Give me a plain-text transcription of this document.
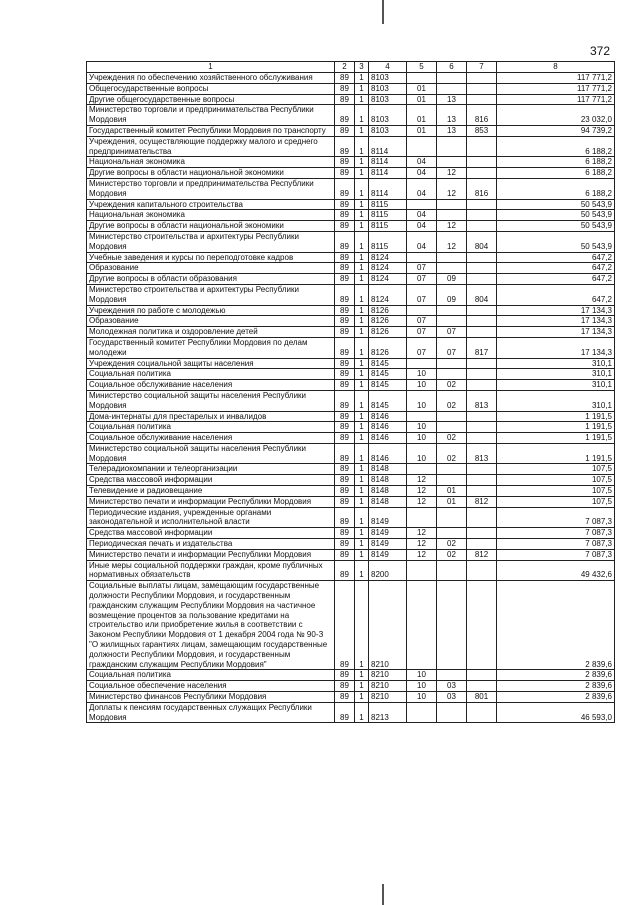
372
1	2	3	4	5	6	7	8
Учреждения по обеспечению хозяйственного обслуживания	89	1	8103				117 771,2
Общегосударственные вопросы	89	1	8103	01			117 771,2
Другие общегосударственные вопросы	89	1	8103	01	13		117 771,2
Министерство торговли и предпринимательства Республики Мордовия	89	1	8103	01	13	816	23 032,0
Государственный комитет Республики Мордовия по транспорту	89	1	8103	01	13	853	94 739,2
Учреждения, осуществляющие поддержку малого и среднего предпринимательства	89	1	8114				6 188,2
Национальная экономика	89	1	8114	04			6 188,2
Другие вопросы в области национальной экономики	89	1	8114	04	12		6 188,2
Министерство торговли и предпринимательства Республики Мордовия	89	1	8114	04	12	816	6 188,2
Учреждения капитального строительства	89	1	8115				50 543,9
Национальная экономика	89	1	8115	04			50 543,9
Другие вопросы в области национальной экономики	89	1	8115	04	12		50 543,9
Министерство строительства и архитектуры Республики Мордовия	89	1	8115	04	12	804	50 543,9
Учебные заведения и курсы по переподготовке кадров	89	1	8124				647,2
Образование	89	1	8124	07			647,2
Другие вопросы в области образования	89	1	8124	07	09		647,2
Министерство строительства и архитектуры Республики Мордовия	89	1	8124	07	09	804	647,2
Учреждения по работе с молодежью	89	1	8126				17 134,3
Образование	89	1	8126	07			17 134,3
Молодежная политика и оздоровление детей	89	1	8126	07	07		17 134,3
Государственный комитет Республики Мордовия по делам молодежи	89	1	8126	07	07	817	17 134,3
Учреждения социальной защиты населения	89	1	8145				310,1
Социальная политика	89	1	8145	10			310,1
Социальное обслуживание населения	89	1	8145	10	02		310,1
Министерство социальной защиты населения Республики Мордовия	89	1	8145	10	02	813	310,1
Дома-интернаты для престарелых и инвалидов	89	1	8146				1 191,5
Социальная политика	89	1	8146	10			1 191,5
Социальное обслуживание населения	89	1	8146	10	02		1 191,5
Министерство социальной защиты населения Республики Мордовия	89	1	8146	10	02	813	1 191,5
Телерадиокомпании и телеорганизации	89	1	8148				107,5
Средства массовой информации	89	1	8148	12			107,5
Телевидение и радиовещание	89	1	8148	12	01		107,5
Министерство печати и информации Республики Мордовия	89	1	8148	12	01	812	107,5
Периодические издания, учрежденные органами законодательной и исполнительной власти	89	1	8149				7 087,3
Средства массовой информации	89	1	8149	12			7 087,3
Периодическая печать и издательства	89	1	8149	12	02		7 087,3
Министерство печати и информации Республики Мордовия	89	1	8149	12	02	812	7 087,3
Иные меры социальной поддержки граждан, кроме публичных нормативных обязательств	89	1	8200				49 432,6
Социальные выплаты лицам, замещающим государственные должности Республики Мордовия, и государственным гражданским служащим Республики Мордовия на частичное возмещение процентов за пользование кредитами на строительство или приобретение жилья в соответствии с Законом Республики Мордовия от 1 декабря 2004 года № 90-З "О жилищных гарантиях лицам, замещающим государственные должности Республики Мордовия, и государственным гражданским служащим Республики Мордовия"	89	1	8210				2 839,6
Социальная политика	89	1	8210	10			2 839,6
Социальное обеспечение населения	89	1	8210	10	03		2 839,6
Министерство финансов Республики Мордовия	89	1	8210	10	03	801	2 839,6
Доплаты к пенсиям государственных служащих Республики Мордовия	89	1	8213				46 593,0
